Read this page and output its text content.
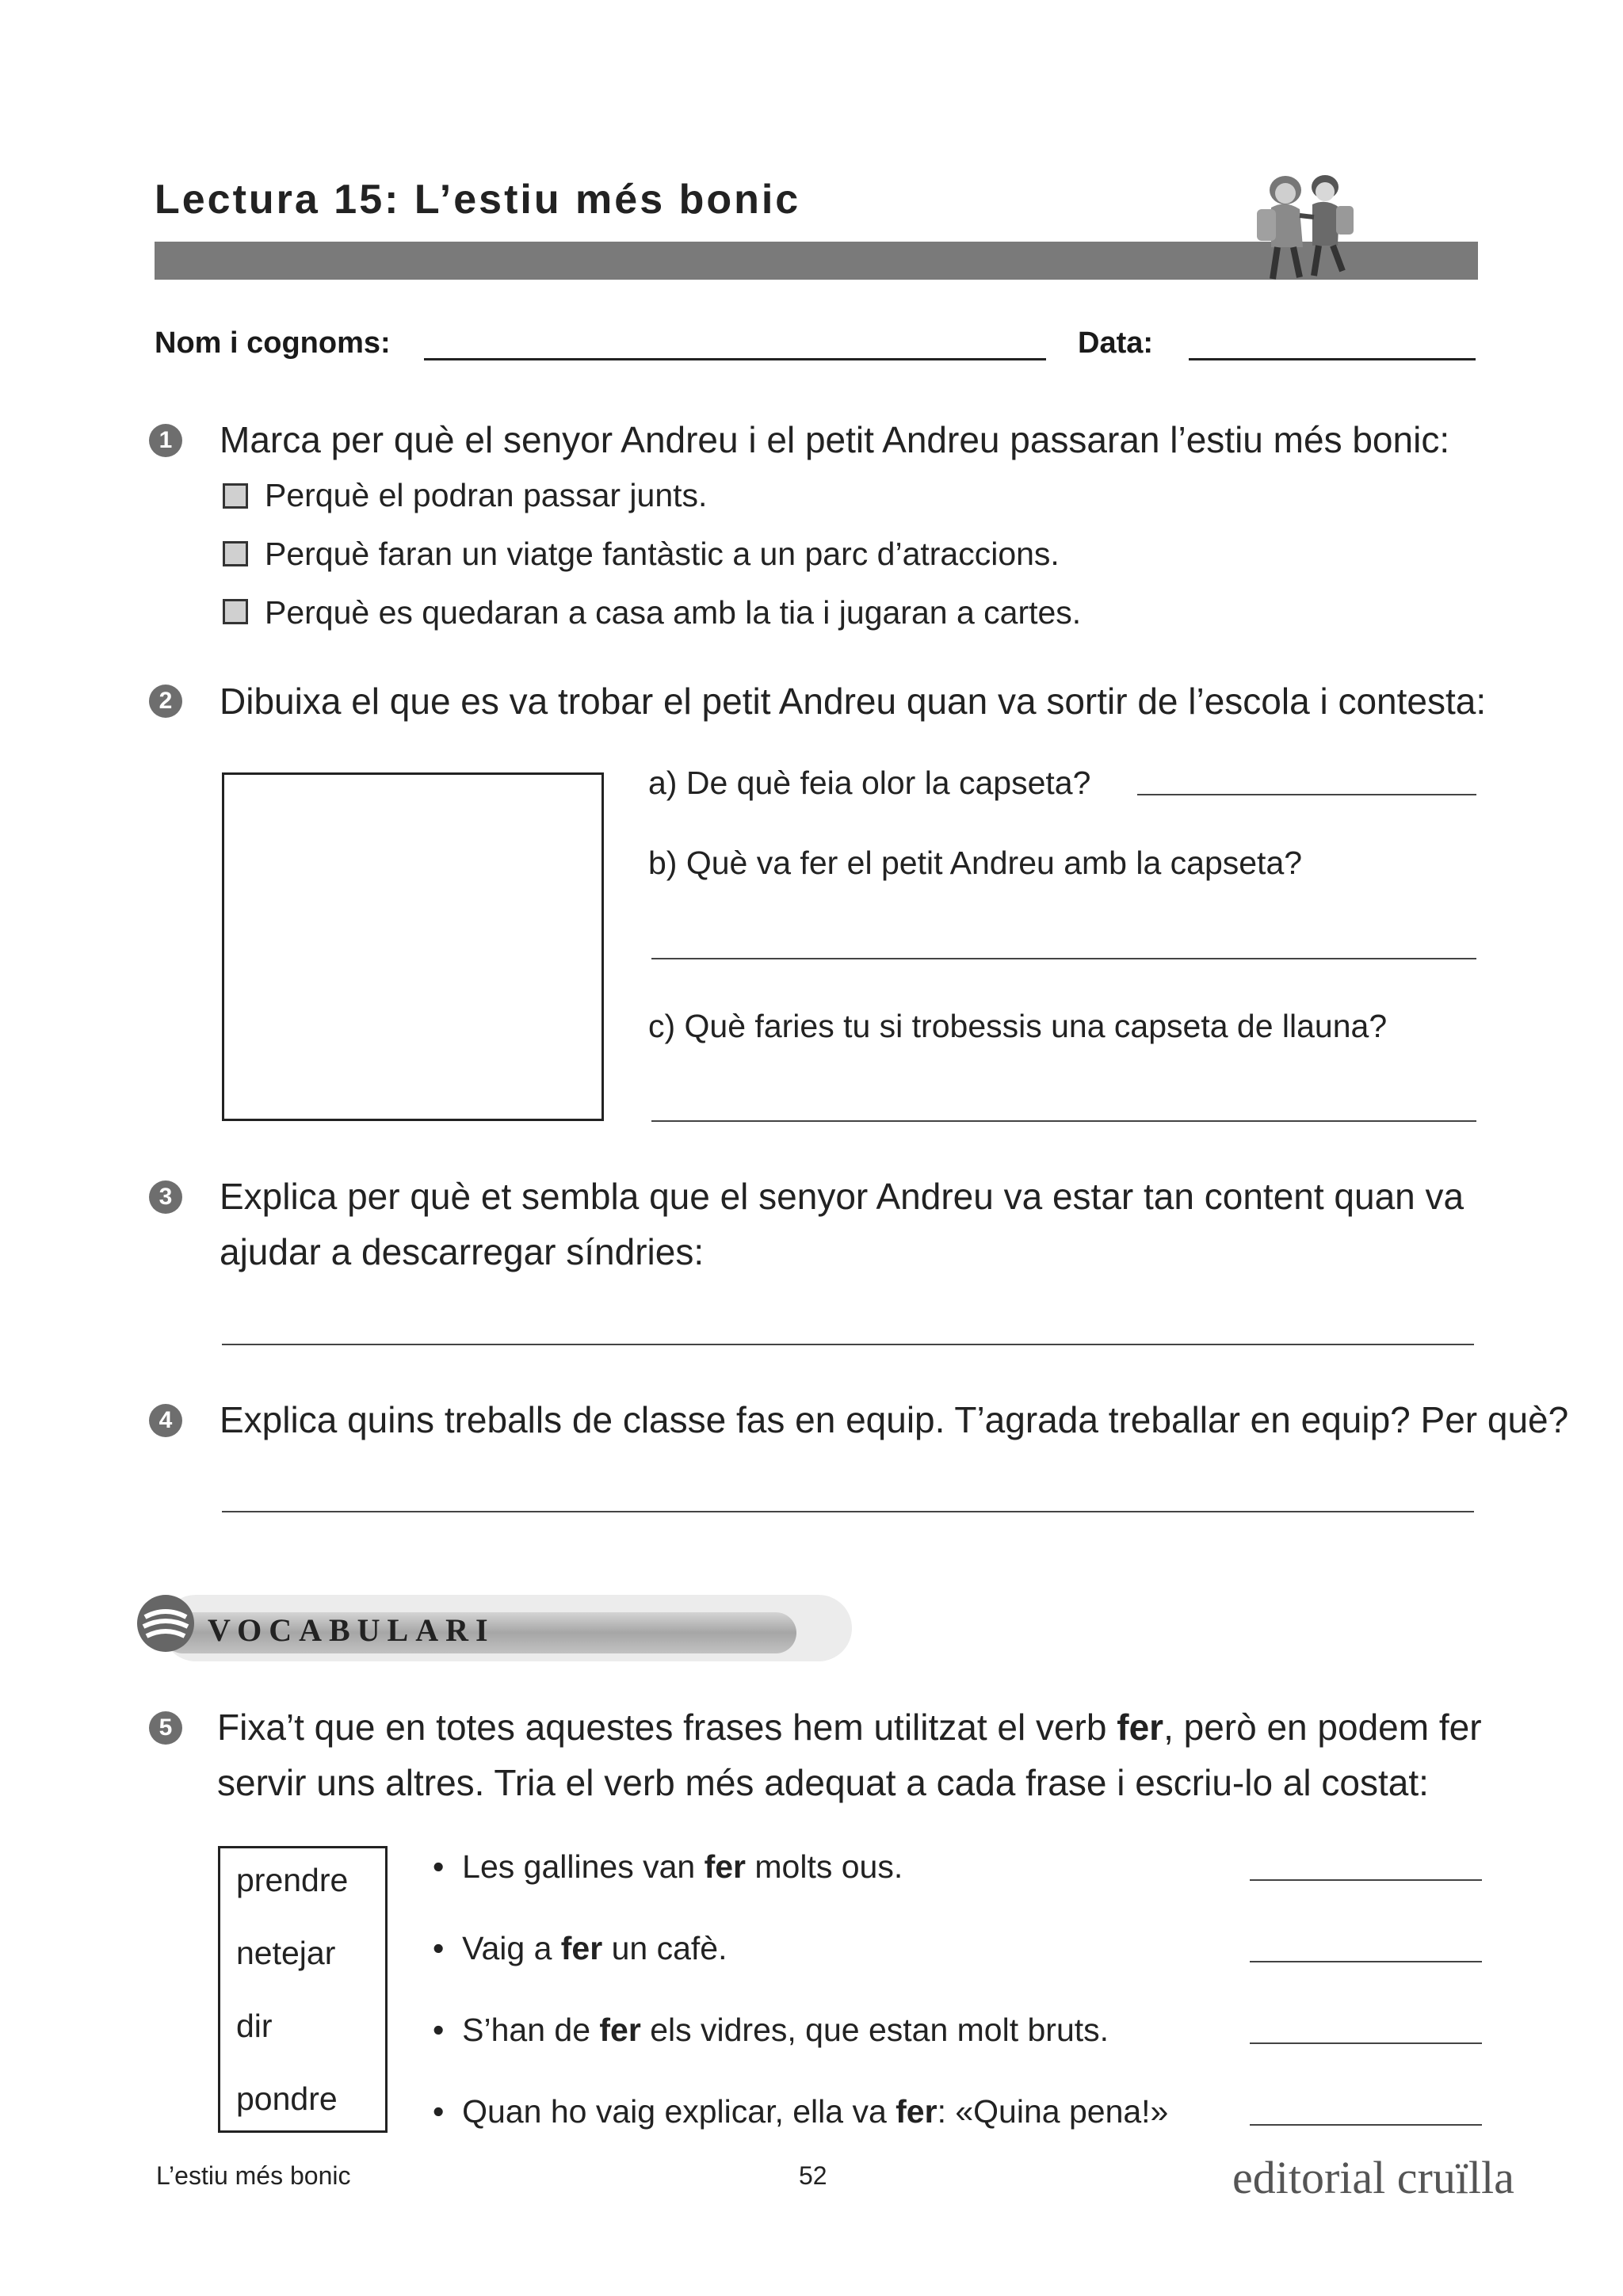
Lectura 15: L’estiu més bonic
Nom i cognoms:	Data:
1 Marca per què el senyor Andreu i el petit Andreu passaran l’estiu més bonic:
Perquè el podran passar junts.
Perquè faran un viatge fantàstic a un parc d’atraccions.
Perquè es quedaran a casa amb la tia i jugaran a cartes.
2 Dibuixa el que es va trobar el petit Andreu quan va sortir de l’escola i contesta:
a) De què feia olor la capseta?
b) Què va fer el petit Andreu amb la capseta?
c) Què faries tu si trobessis una capseta de llauna?
3 Explica per què et sembla que el senyor Andreu va estar tan content quan va
ajudar a descarregar síndries:
4 Explica quins treballs de classe fas en equip. T’agrada treballar en equip? Per què?
VOCABULARI
5 Fixa’t que en totes aquestes frases hem utilitzat el verb fer, però en podem fer
servir uns altres. Tria el verb més adequat a cada frase i escriu-lo al costat:
prendre
netejar
dir
pondre
• Les gallines van fer molts ous.
• Vaig a fer un cafè.
• S’han de fer els vidres, que estan molt bruts.
• Quan ho vaig explicar, ella va fer: «Quina pena!»
L’estiu més bonic	52	editorial cruïlla
